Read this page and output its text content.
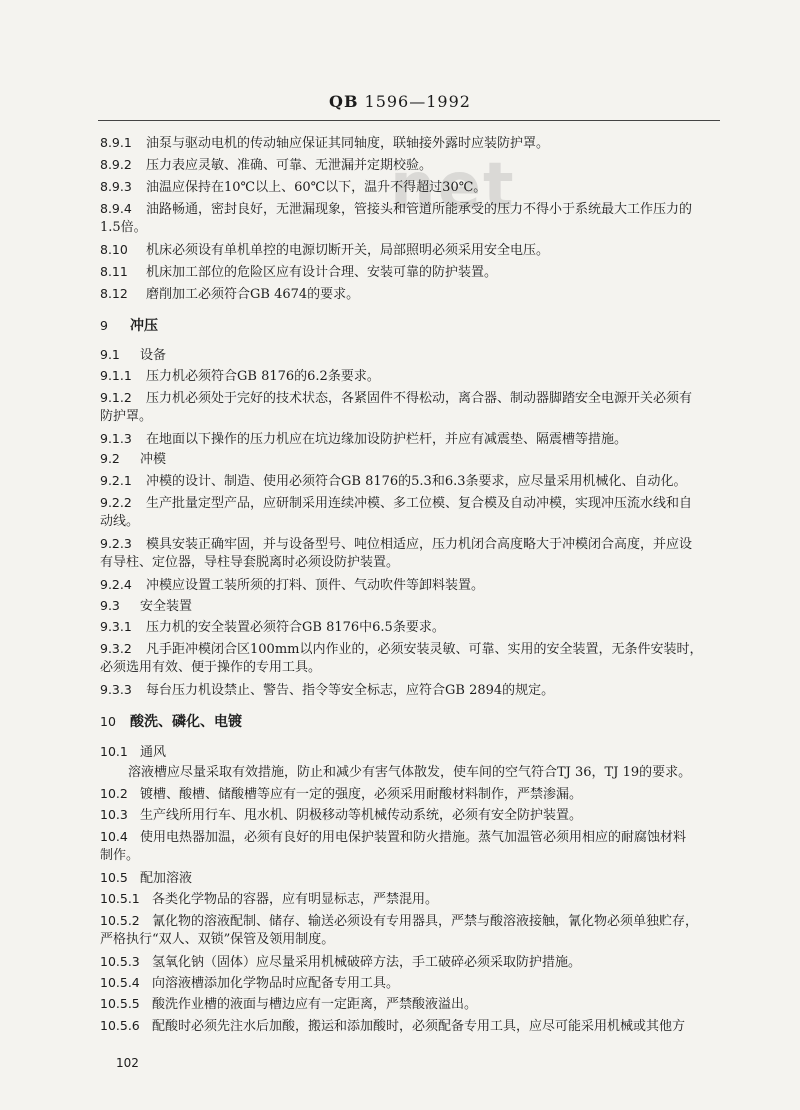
QB 1596—1992
net
8.9.1 油泵与驱动电机的传动轴应保证其同轴度，联轴接外露时应装防护罩。
8.9.2 压力表应灵敏、准确、可靠、无泄漏并定期校验。
8.9.3 油温应保持在10℃以上、60℃以下，温升不得超过30℃。
8.9.4 油路畅通，密封良好，无泄漏现象，管接头和管道所能承受的压力不得小于系统最大工作压力的
1.5倍。
8.10 机床必须设有单机单控的电源切断开关，局部照明必须采用安全电压。
8.11 机床加工部位的危险区应有设计合理、安装可靠的防护装置。
8.12 磨削加工必须符合GB 4674的要求。
9 冲压
9.1 设备
9.1.1 压力机必须符合GB 8176的6.2条要求。
9.1.2 压力机必须处于完好的技术状态，各紧固件不得松动，离合器、制动器脚踏安全电源开关必须有
防护罩。
9.1.3 在地面以下操作的压力机应在坑边缘加设防护栏杆，并应有减震垫、隔震槽等措施。
9.2 冲模
9.2.1 冲模的设计、制造、使用必须符合GB 8176的5.3和6.3条要求，应尽量采用机械化、自动化。
9.2.2 生产批量定型产品，应研制采用连续冲模、多工位模、复合模及自动冲模，实现冲压流水线和自
动线。
9.2.3 模具安装正确牢固，并与设备型号、吨位相适应，压力机闭合高度略大于冲模闭合高度，并应设
有导柱、定位器，导柱导套脱离时必须设防护装置。
9.2.4 冲模应设置工装所须的打料、顶件、气动吹件等卸料装置。
9.3 安全装置
9.3.1 压力机的安全装置必须符合GB 8176中6.5条要求。
9.3.2 凡手距冲模闭合区100mm以内作业的，必须安装灵敏、可靠、实用的安全装置，无条件安装时，
必须选用有效、便于操作的专用工具。
9.3.3 每台压力机设禁止、警告、指令等安全标志，应符合GB 2894的规定。
10 酸洗、磷化、电镀
10.1 通风
溶液槽应尽量采取有效措施，防止和减少有害气体散发，使车间的空气符合TJ 36，TJ 19的要求。
10.2 镀槽、酸槽、储酸槽等应有一定的强度，必须采用耐酸材料制作，严禁渗漏。
10.3 生产线所用行车、甩水机、阴极移动等机械传动系统，必须有安全防护装置。
10.4 使用电热器加温，必须有良好的用电保护装置和防火措施。蒸气加温管必须用相应的耐腐蚀材料
制作。
10.5 配加溶液
10.5.1 各类化学物品的容器，应有明显标志，严禁混用。
10.5.2 氰化物的溶液配制、储存、输送必须设有专用器具，严禁与酸溶液接触，氰化物必须单独贮存，
严格执行“双人、双锁”保管及领用制度。
10.5.3 氢氧化钠（固体）应尽量采用机械破碎方法，手工破碎必须采取防护措施。
10.5.4 向溶液槽添加化学物品时应配备专用工具。
10.5.5 酸洗作业槽的液面与槽边应有一定距离，严禁酸液溢出。
10.5.6 配酸时必须先注水后加酸，搬运和添加酸时，必须配备专用工具，应尽可能采用机械或其他方
102
